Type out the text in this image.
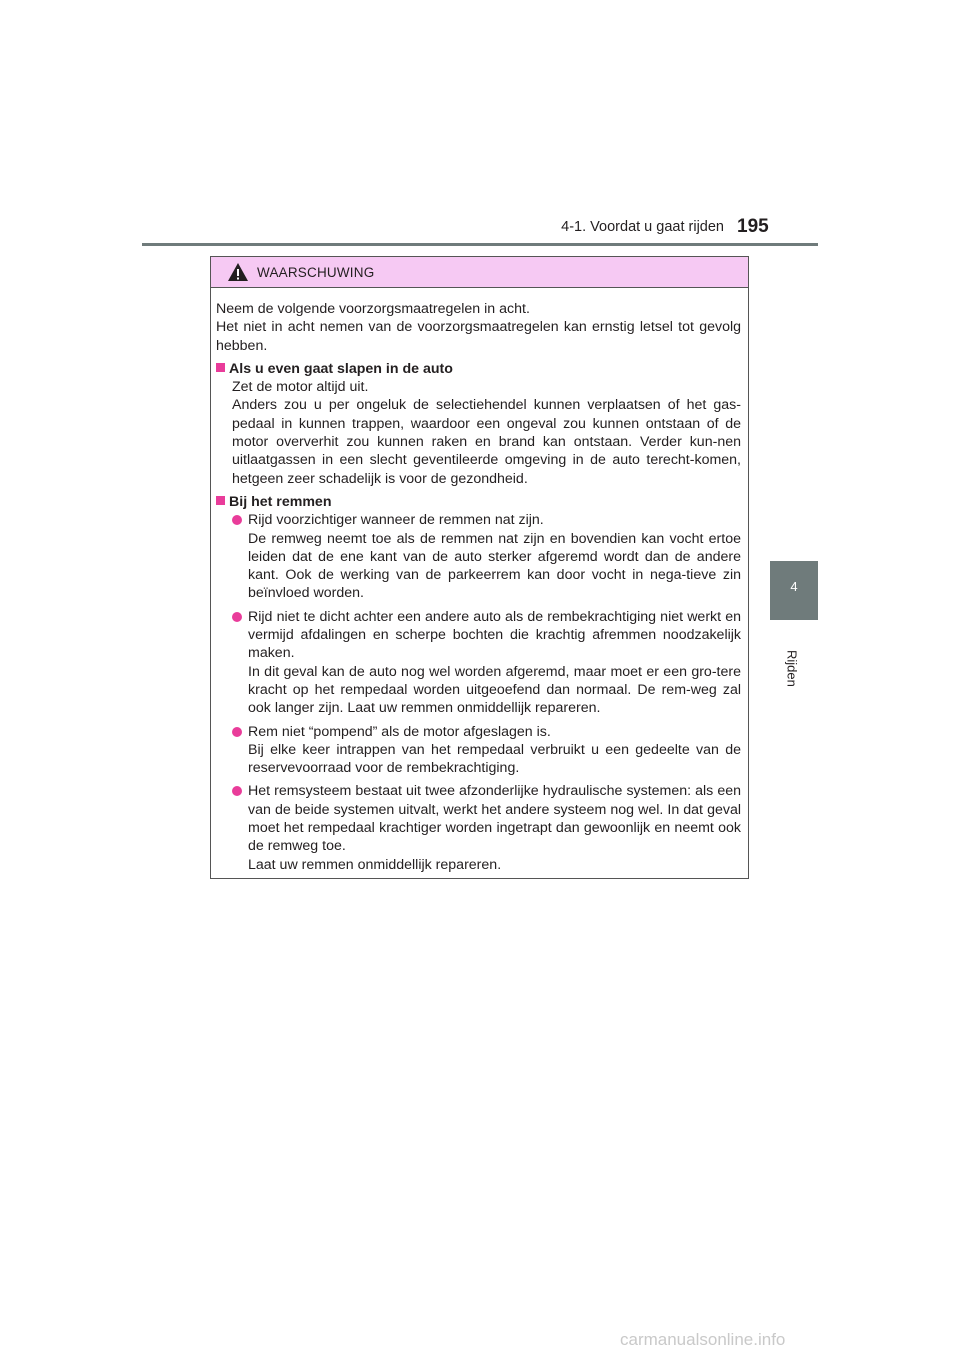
4-1. Voordat u gaat rijden 195
4
Rijden
WAARSCHUWING

Neem de volgende voorzorgsmaatregelen in acht.

Het niet in acht nemen van de voorzorgsmaatregelen kan ernstig letsel tot gevolg hebben.

Als u even gaat slapen in de auto

Zet de motor altijd uit.

Anders zou u per ongeluk de selectiehendel kunnen verplaatsen of het gas-pedaal in kunnen trappen, waardoor een ongeval zou kunnen ontstaan of de motor oververhit zou kunnen raken en brand kan ontstaan. Verder kun-nen uitlaatgassen in een slecht geventileerde omgeving in de auto terecht-komen, hetgeen zeer schadelijk is voor de gezondheid.

Bij het remmen

Rijd voorzichtiger wanneer de remmen nat zijn.

De remweg neemt toe als de remmen nat zijn en bovendien kan vocht ertoe leiden dat de ene kant van de auto sterker afgeremd wordt dan de andere kant. Ook de werking van de parkeerrem kan door vocht in nega-tieve zin beïnvloed worden.

Rijd niet te dicht achter een andere auto als de rembekrachtiging niet werkt en vermijd afdalingen en scherpe bochten die krachtig afremmen noodzakelijk maken.

In dit geval kan de auto nog wel worden afgeremd, maar moet er een gro-tere kracht op het rempedaal worden uitgeoefend dan normaal. De rem-weg zal ook langer zijn. Laat uw remmen onmiddellijk repareren.

Rem niet “pompend” als de motor afgeslagen is.

Bij elke keer intrappen van het rempedaal verbruikt u een gedeelte van de reservevoorraad voor de rembekrachtiging.

Het remsysteem bestaat uit twee afzonderlijke hydraulische systemen: als een van de beide systemen uitvalt, werkt het andere systeem nog wel. In dat geval moet het rempedaal krachtiger worden ingetrapt dan gewoonlijk en neemt ook de remweg toe.

Laat uw remmen onmiddellijk repareren.

carmanualsonline.info
